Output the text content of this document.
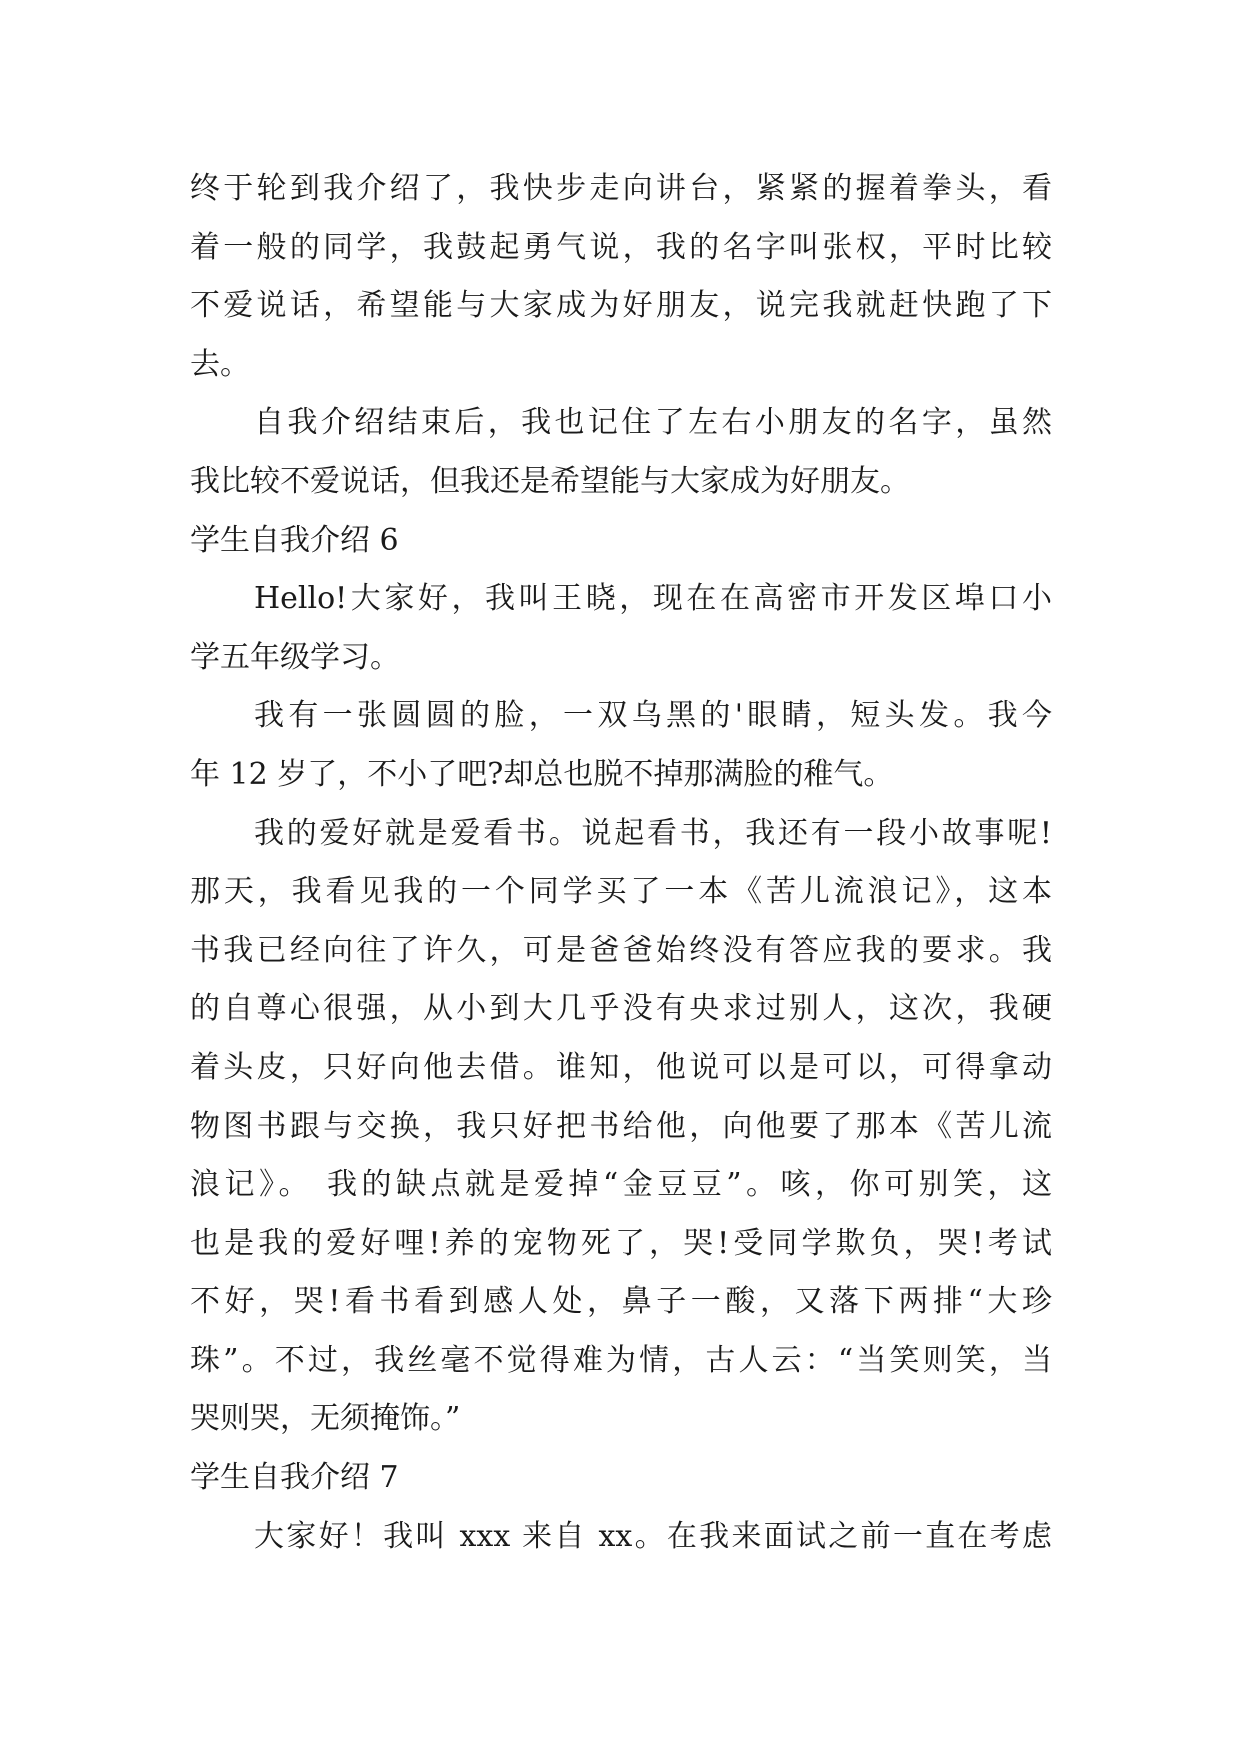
终于轮到我介绍了，我快步走向讲台，紧紧的握着拳头，看
着一般的同学，我鼓起勇气说，我的名字叫张权，平时比较
不爱说话，希望能与大家成为好朋友，说完我就赶快跑了下
去。
自我介绍结束后，我也记住了左右小朋友的名字，虽然
我比较不爱说话，但我还是希望能与大家成为好朋友。
学生自我介绍 6
Hello!大家好，我叫王晓，现在在高密市开发区埠口小
学五年级学习。
我有一张圆圆的脸，一双乌黑的'眼睛，短头发。我今
年 12 岁了，不小了吧?却总也脱不掉那满脸的稚气。
我的爱好就是爱看书。说起看书，我还有一段小故事呢!
那天，我看见我的一个同学买了一本《苦儿流浪记》，这本
书我已经向往了许久，可是爸爸始终没有答应我的要求。我
的自尊心很强，从小到大几乎没有央求过别人，这次，我硬
着头皮，只好向他去借。谁知，他说可以是可以，可得拿动
物图书跟与交换，我只好把书给他，向他要了那本《苦儿流
浪记》。 我的缺点就是爱掉“金豆豆”。咳，你可别笑，这
也是我的爱好哩!养的宠物死了，哭!受同学欺负，哭!考试
不好，哭!看书看到感人处，鼻子一酸，又落下两排“大珍
珠”。不过，我丝毫不觉得难为情，古人云：“当笑则笑，当
哭则哭，无须掩饰。”
学生自我介绍 7
大家好！我叫 xxx 来自 xx。在我来面试之前一直在考虑
